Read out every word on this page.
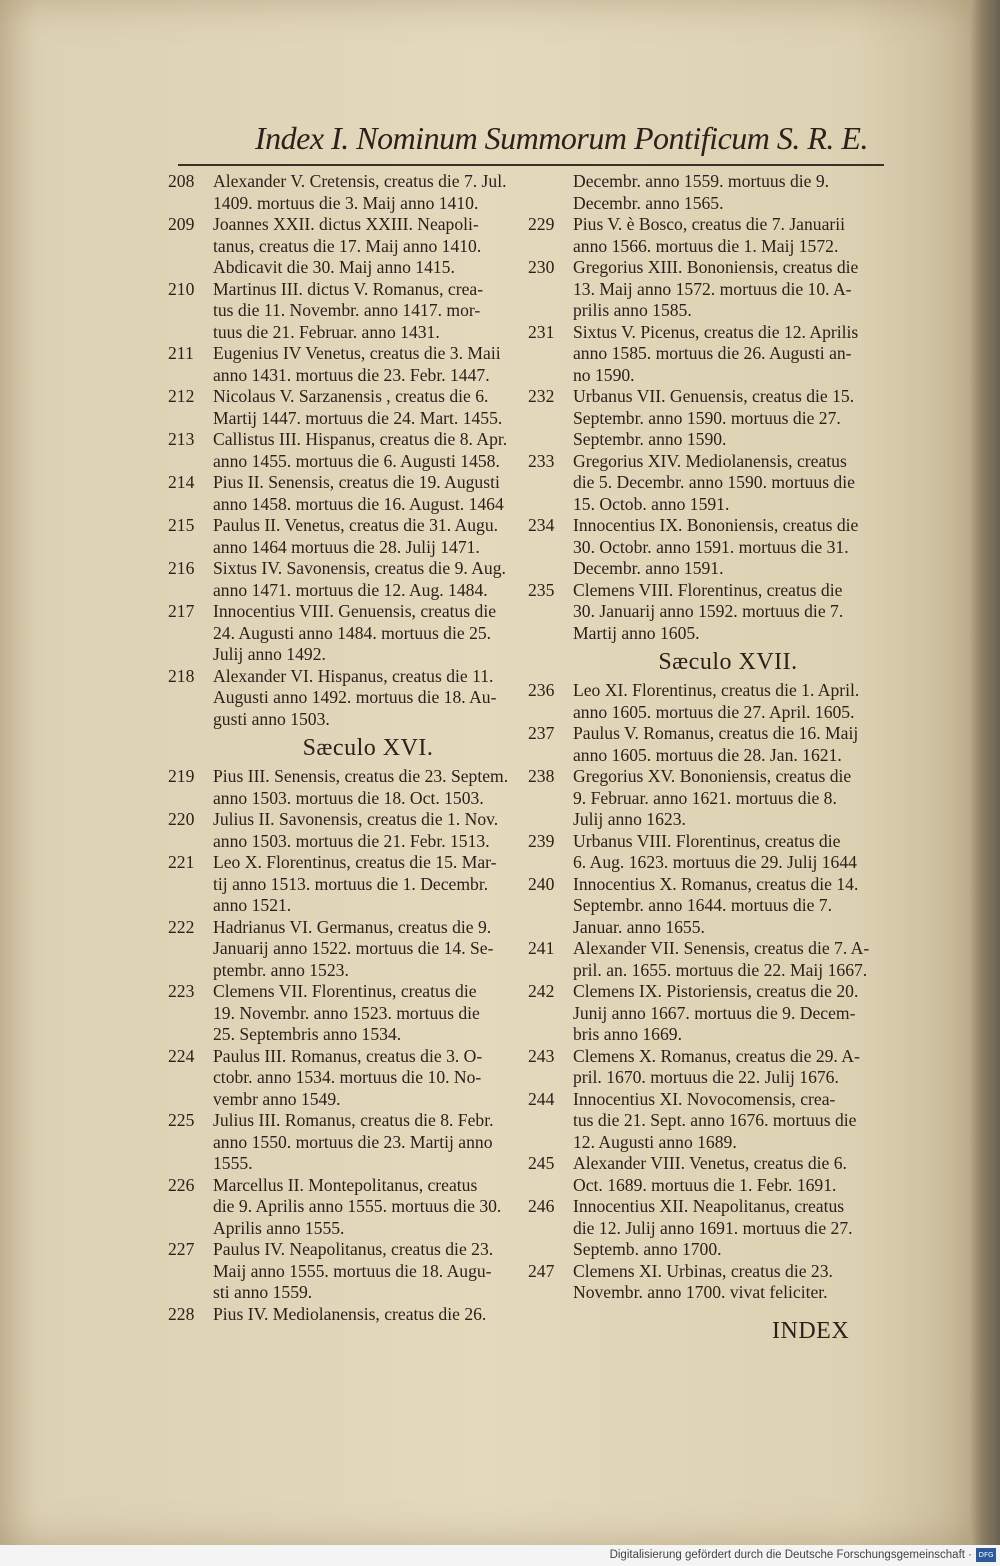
Index I. Nominum Summorum Pontificum S. R. E.
208	Alexander V. Cretensis, creatus die 7. Jul.
1409. mortuus die 3. Maij anno 1410.
209	Joannes XXII. dictus XXIII. Neapoli-
tanus, creatus die 17. Maij anno 1410.
Abdicavit die 30. Maij anno 1415.
210	Martinus III. dictus V. Romanus, crea-
tus die 11. Novembr. anno 1417. mor-
tuus die 21. Februar. anno 1431.
211	Eugenius IV Venetus, creatus die 3. Maii
anno 1431. mortuus die 23. Febr. 1447.
212	Nicolaus V. Sarzanensis , creatus die 6.
Martij 1447. mortuus die 24. Mart. 1455.
213	Callistus III. Hispanus, creatus die 8. Apr.
anno 1455. mortuus die 6. Augusti 1458.
214	Pius II. Senensis, creatus die 19. Augusti
anno 1458. mortuus die 16. August. 1464
215	Paulus II. Venetus, creatus die 31. Augu.
anno 1464 mortuus die 28. Julij 1471.
216	Sixtus IV. Savonensis, creatus die 9. Aug.
anno 1471. mortuus die 12. Aug. 1484.
217	Innocentius VIII. Genuensis, creatus die
24. Augusti anno 1484. mortuus die 25.
Julij anno 1492.
218	Alexander VI. Hispanus, creatus die 11.
Augusti anno 1492. mortuus die 18. Au-
gusti anno 1503.
Sæculo XVI.
219	Pius III. Senensis, creatus die 23. Septem.
anno 1503. mortuus die 18. Oct. 1503.
220	Julius II. Savonensis, creatus die 1. Nov.
anno 1503. mortuus die 21. Febr. 1513.
221	Leo X. Florentinus, creatus die 15. Mar-
tij anno 1513. mortuus die 1. Decembr.
anno 1521.
222	Hadrianus VI. Germanus, creatus die 9.
Januarij anno 1522. mortuus die 14. Se-
ptembr. anno 1523.
223	Clemens VII. Florentinus, creatus die
19. Novembr. anno 1523. mortuus die
25. Septembris anno 1534.
224	Paulus III. Romanus, creatus die 3. O-
ctobr. anno 1534. mortuus die 10. No-
vembr anno 1549.
225	Julius III. Romanus, creatus die 8. Febr.
anno 1550. mortuus die 23. Martij anno
1555.
226	Marcellus II. Montepolitanus, creatus
die 9. Aprilis anno 1555. mortuus die 30.
Aprilis anno 1555.
227	Paulus IV. Neapolitanus, creatus die 23.
Maij anno 1555. mortuus die 18. Augu-
sti anno 1559.
228	Pius IV. Mediolanensis, creatus die 26.
Decembr. anno 1559. mortuus die 9.
Decembr. anno 1565.
229	Pius V. è Bosco, creatus die 7. Januarii
anno 1566. mortuus die 1. Maij 1572.
230	Gregorius XIII. Bononiensis, creatus die
13. Maij anno 1572. mortuus die 10. A-
prilis anno 1585.
231	Sixtus V. Picenus, creatus die 12. Aprilis
anno 1585. mortuus die 26. Augusti an-
no 1590.
232	Urbanus VII. Genuensis, creatus die 15.
Septembr. anno 1590. mortuus die 27.
Septembr. anno 1590.
233	Gregorius XIV. Mediolanensis, creatus
die 5. Decembr. anno 1590. mortuus die
15. Octob. anno 1591.
234	Innocentius IX. Bononiensis, creatus die
30. Octobr. anno 1591. mortuus die 31.
Decembr. anno 1591.
235	Clemens VIII. Florentinus, creatus die
30. Januarij anno 1592. mortuus die 7.
Martij anno 1605.
Sæculo XVII.
236	Leo XI. Florentinus, creatus die 1. April.
anno 1605. mortuus die 27. April. 1605.
237	Paulus V. Romanus, creatus die 16. Maij
anno 1605. mortuus die 28. Jan. 1621.
238	Gregorius XV. Bononiensis, creatus die
9. Februar. anno 1621. mortuus die 8.
Julij anno 1623.
239	Urbanus VIII. Florentinus, creatus die
6. Aug. 1623. mortuus die 29. Julij 1644
240	Innocentius X. Romanus, creatus die 14.
Septembr. anno 1644. mortuus die 7.
Januar. anno 1655.
241	Alexander VII. Senensis, creatus die 7. A-
pril. an. 1655. mortuus die 22. Maij 1667.
242	Clemens IX. Pistoriensis, creatus die 20.
Junij anno 1667. mortuus die 9. Decem-
bris anno 1669.
243	Clemens X. Romanus, creatus die 29. A-
pril. 1670. mortuus die 22. Julij 1676.
244	Innocentius XI. Novocomensis, crea-
tus die 21. Sept. anno 1676. mortuus die
12. Augusti anno 1689.
245	Alexander VIII. Venetus, creatus die 6.
Oct. 1689. mortuus die 1. Febr. 1691.
246	Innocentius XII. Neapolitanus, creatus
die 12. Julij anno 1691. mortuus die 27.
Septemb. anno 1700.
247	Clemens XI. Urbinas, creatus die 23.
Novembr. anno 1700. vivat feliciter.
INDEX
Digitalisierung gefördert durch die Deutsche Forschungsgemeinschaft · DFG
